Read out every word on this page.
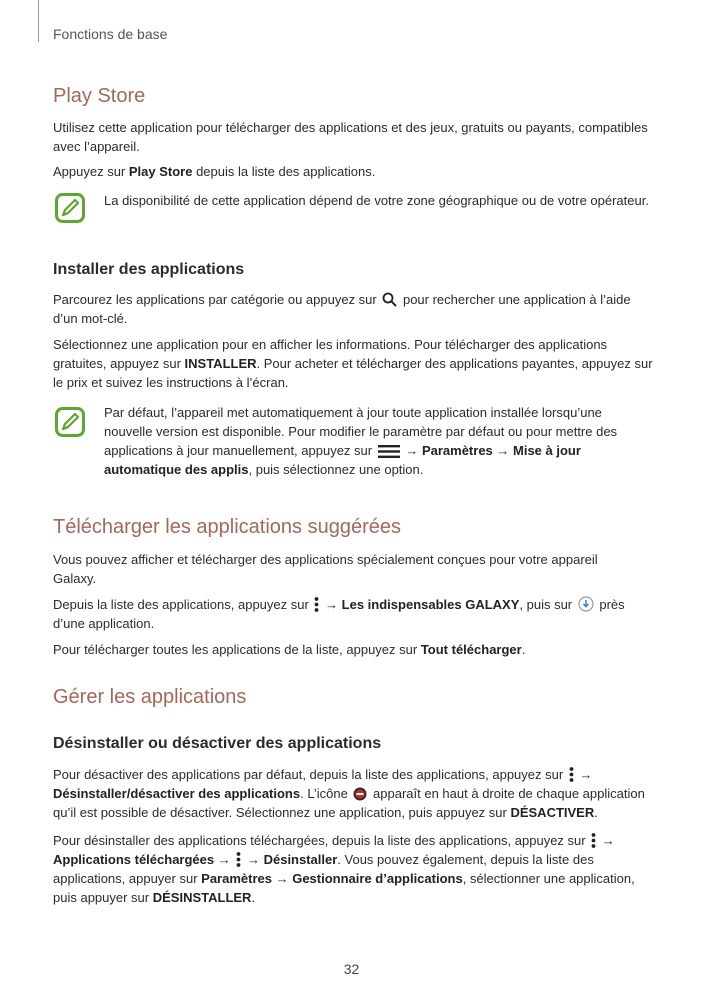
Fonctions de base
Play Store

Utilisez cette application pour télécharger des applications et des jeux, gratuits ou payants, compatibles avec l’appareil.

Appuyez sur Play Store depuis la liste des applications.

La disponibilité de cette application dépend de votre zone géographique ou de votre opérateur.

Installer des applications

Parcourez les applications par catégorie ou appuyez sur  pour rechercher une application à l’aide d’un mot-clé.

Sélectionnez une application pour en afficher les informations. Pour télécharger des applications gratuites, appuyez sur INSTALLER. Pour acheter et télécharger des applications payantes, appuyez sur le prix et suivez les instructions à l’écran.

Par défaut, l’appareil met automatiquement à jour toute application installée lorsqu’une nouvelle version est disponible. Pour modifier le paramètre par défaut ou pour mettre des applications à jour manuellement, appuyez sur  → Paramètres → Mise à jour automatique des applis, puis sélectionnez une option.

Télécharger les applications suggérées

Vous pouvez afficher et télécharger des applications spécialement conçues pour votre appareil Galaxy.

Depuis la liste des applications, appuyez sur  → Les indispensables GALAXY, puis sur  près d’une application.

Pour télécharger toutes les applications de la liste, appuyez sur Tout télécharger.

Gérer les applications
Désinstaller ou désactiver des applications

Pour désactiver des applications par défaut, depuis la liste des applications, appuyez sur  → Désinstaller/désactiver des applications. L’icône  apparaît en haut à droite de chaque application qu’il est possible de désactiver. Sélectionnez une application, puis appuyez sur DÉSACTIVER.

Pour désinstaller des applications téléchargées, depuis la liste des applications, appuyez sur  → Applications téléchargées →  → Désinstaller. Vous pouvez également, depuis la liste des applications, appuyer sur Paramètres → Gestionnaire d’applications, sélectionner une application, puis appuyer sur DÉSINSTALLER.

32
